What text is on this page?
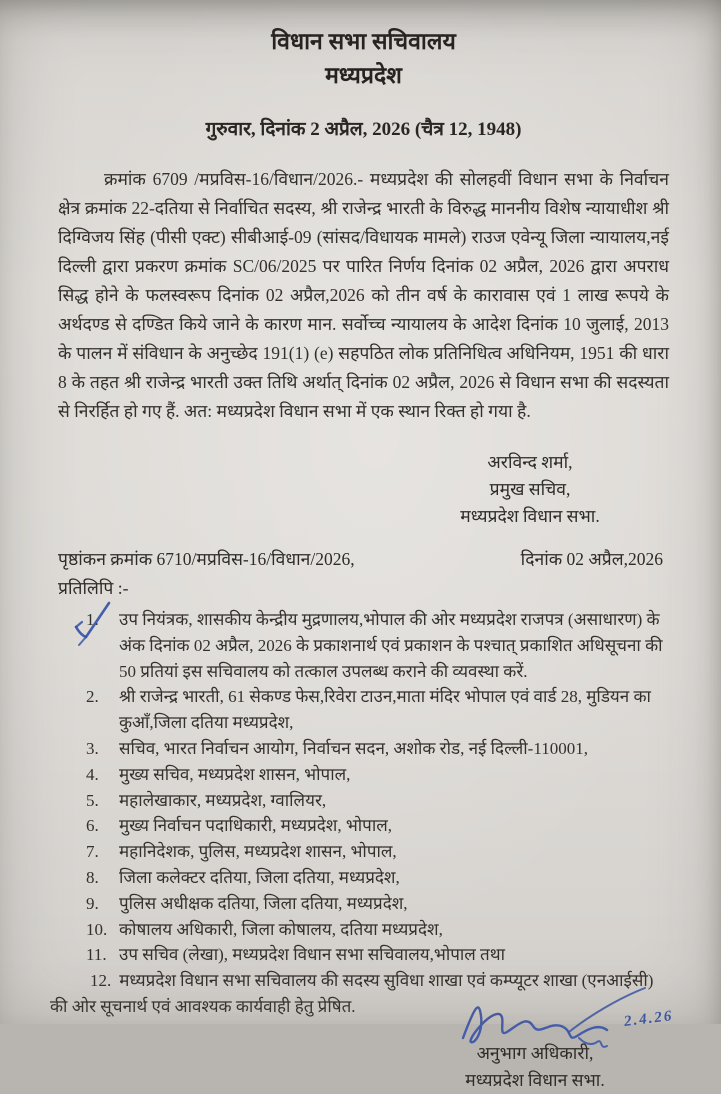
विधान सभा सचिवालय
मध्यप्रदेश
गुरुवार, दिनांक 2 अप्रैल, 2026 (चैत्र 12, 1948)

क्रमांक 6709 /मप्रविस-16/विधान/2026.- मध्यप्रदेश की सोलहवीं विधान सभा के निर्वाचन क्षेत्र क्रमांक 22-दतिया से निर्वाचित सदस्य, श्री राजेन्द्र भारती के विरुद्ध माननीय विशेष न्यायाधीश श्री दिग्विजय सिंह (पीसी एक्ट) सीबीआई-09 (सांसद/विधायक मामले) राउज एवेन्यू जिला न्यायालय,नई दिल्ली द्वारा प्रकरण क्रमांक SC/06/2025 पर पारित निर्णय दिनांक 02 अप्रैल, 2026 द्वारा अपराध सिद्ध होने के फलस्वरूप दिनांक 02 अप्रैल,2026 को तीन वर्ष के कारावास एवं 1 लाख रूपये के अर्थदण्ड से दण्डित किये जाने के कारण मान. सर्वोच्च न्यायालय के आदेश दिनांक 10 जुलाई, 2013 के पालन में संविधान के अनुच्छेद 191(1) (e) सहपठित लोक प्रतिनिधित्व अधिनियम, 1951 की धारा 8 के तहत श्री राजेन्द्र भारती उक्त तिथि अर्थात् दिनांक 02 अप्रैल, 2026 से विधान सभा की सदस्यता से निरर्हित हो गए हैं. अत: मध्यप्रदेश विधान सभा में एक स्थान रिक्त हो गया है.

अरविन्द शर्मा,
प्रमुख सचिव,
मध्यप्रदेश विधान सभा.
पृष्ठांकन क्रमांक 6710/मप्रविस-16/विधान/2026,	दिनांक 02 अप्रैल,2026
प्रतिलिपि :-
1.	उप नियंत्रक, शासकीय केन्द्रीय मुद्रणालय,भोपाल की ओर मध्यप्रदेश राजपत्र (असाधारण) के अंक दिनांक 02 अप्रैल, 2026 के प्रकाशनार्थ एवं प्रकाशन के पश्चात् प्रकाशित अधिसूचना की 50 प्रतियां इस सचिवालय को तत्काल उपलब्ध कराने की व्यवस्था करें.
2.	श्री राजेन्द्र भारती, 61 सेकण्ड फेस,रिवेरा टाउन,माता मंदिर भोपाल एवं वार्ड 28, मुडियन का कुआँ,जिला दतिया मध्यप्रदेश,
3.	सचिव, भारत निर्वाचन आयोग, निर्वाचन सदन, अशोक रोड, नई दिल्ली-110001,
4.	मुख्य सचिव, मध्यप्रदेश शासन, भोपाल,
5.	महालेखाकार, मध्यप्रदेश, ग्वालियर,
6.	मुख्य निर्वाचन पदाधिकारी, मध्यप्रदेश, भोपाल,
7.	महानिदेशक, पुलिस, मध्यप्रदेश शासन, भोपाल,
8.	जिला कलेक्टर दतिया, जिला दतिया, मध्यप्रदेश,
9.	पुलिस अधीक्षक दतिया, जिला दतिया, मध्यप्रदेश,
10. कोषालय अधिकारी, जिला कोषालय, दतिया मध्यप्रदेश,
11. उप सचिव (लेखा), मध्यप्रदेश विधान सभा सचिवालय,भोपाल तथा

12. मध्यप्रदेश विधान सभा सचिवालय की सदस्य सुविधा शाखा एवं कम्प्यूटर शाखा (एनआईसी) की ओर सूचनार्थ एवं आवश्यक कार्यवाही हेतु प्रेषित.

2.4.26
अनुभाग अधिकारी,
मध्यप्रदेश विधान सभा.
